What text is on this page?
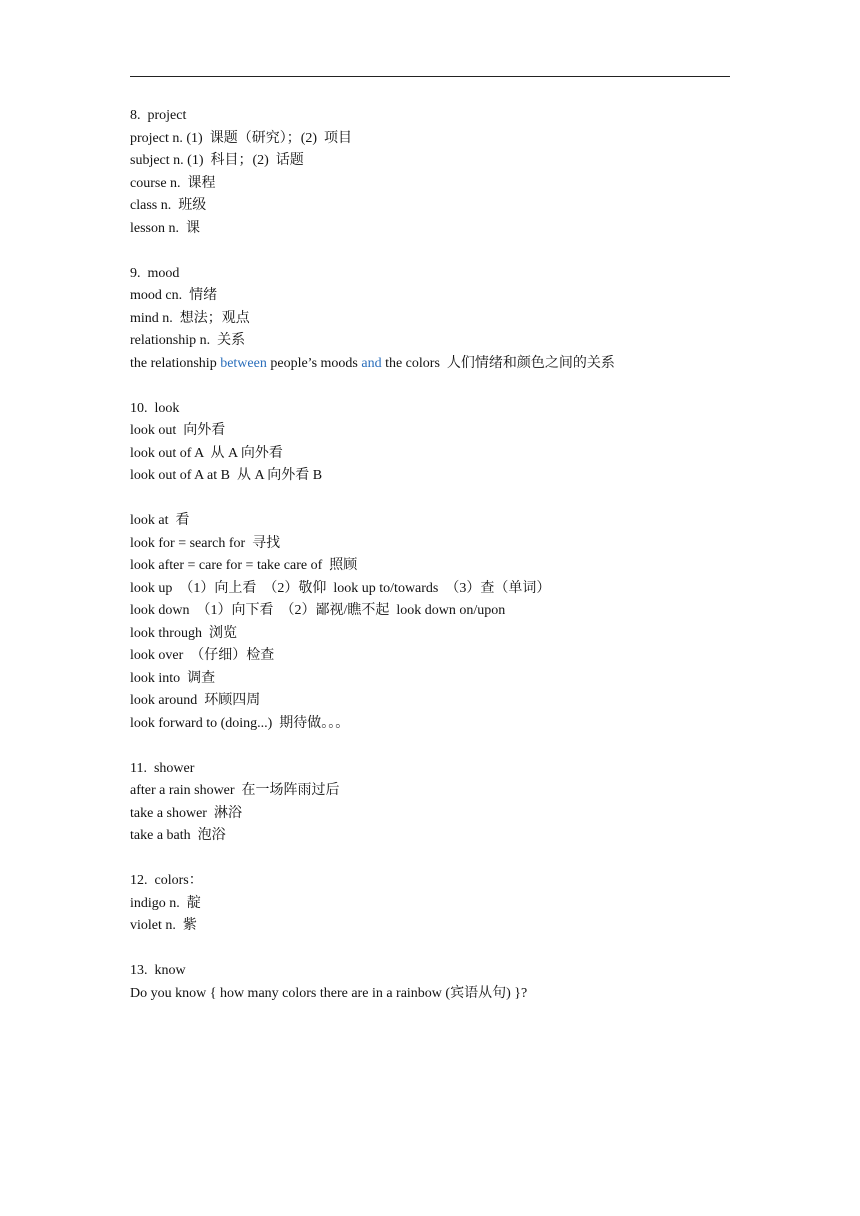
8.  project
project n. (1)  课题（研究）；(2)  项目
subject n. (1)  科目；(2)  话题
course n.  课程
class n.  班级
lesson n.  课
9.  mood
mood cn.  情绪
mind n.  想法；观点
relationship n.  关系
the relationship between people’s moods and the colors  人们情绪和颜色之间的关系
10.  look
look out  向外看
look out of A  从 A 向外看
look out of A at B  从 A 向外看 B
look at  看
look for = search for  寻找
look after = care for = take care of  照顾
look up  （1）向上看  （2）敬仰  look up to/towards  （3）查（单词）
look down  （1）向下看  （2）鄙视/瞧不起  look down on/upon
look through  浏览
look over  （仔细）检查
look into  调查
look around  环顾四周
look forward to (doing...)  期待做。。。
11.  shower
after a rain shower  在一场阵雨过后
take a shower  淋浴
take a bath  泡浴
12.  colors：
indigo n.  靛
violet n.  紫
13.  know
Do you know { how many colors there are in a rainbow (宾语从句) }?
